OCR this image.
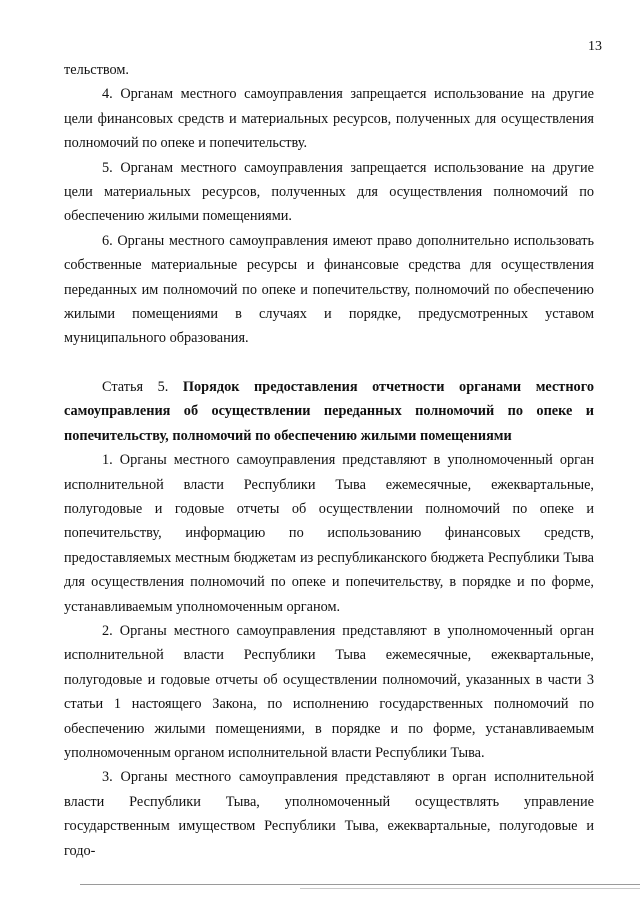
13

тельством.

4. Органам местного самоуправления запрещается использование на другие цели финансовых средств и материальных ресурсов, полученных для осуществления полномочий по опеке и попечительству.

5. Органам местного самоуправления запрещается использование на другие цели материальных ресурсов, полученных для осуществления полномочий по обеспечению жилыми помещениями.

6. Органы местного самоуправления имеют право дополнительно использовать собственные материальные ресурсы и финансовые средства для осуществления переданных им полномочий по опеке и попечительству, полномочий по обеспечению жилыми помещениями в случаях и порядке, предусмотренных уставом муниципального образования.

Статья 5. Порядок предоставления отчетности органами местного самоуправления об осуществлении переданных полномочий по опеке и попечительству, полномочий по обеспечению жилыми помещениями

1. Органы местного самоуправления представляют в уполномоченный орган исполнительной власти Республики Тыва ежемесячные, ежеквартальные, полугодовые и годовые отчеты об осуществлении полномочий по опеке и попечительству, информацию по использованию финансовых средств, предоставляемых местным бюджетам из республиканского бюджета Республики Тыва для осуществления полномочий по опеке и попечительству, в порядке и по форме, устанавливаемым уполномоченным органом.

2. Органы местного самоуправления представляют в уполномоченный орган исполнительной власти Республики Тыва ежемесячные, ежеквартальные, полугодовые и годовые отчеты об осуществлении полномочий, указанных в части 3 статьи 1 настоящего Закона, по исполнению государственных полномочий по обеспечению жилыми помещениями, в порядке и по форме, устанавливаемым уполномоченным органом исполнительной власти Республики Тыва.

3. Органы местного самоуправления представляют в орган исполнительной власти Республики Тыва, уполномоченный осуществлять управление государственным имуществом Республики Тыва, ежеквартальные, полугодовые и годо-
